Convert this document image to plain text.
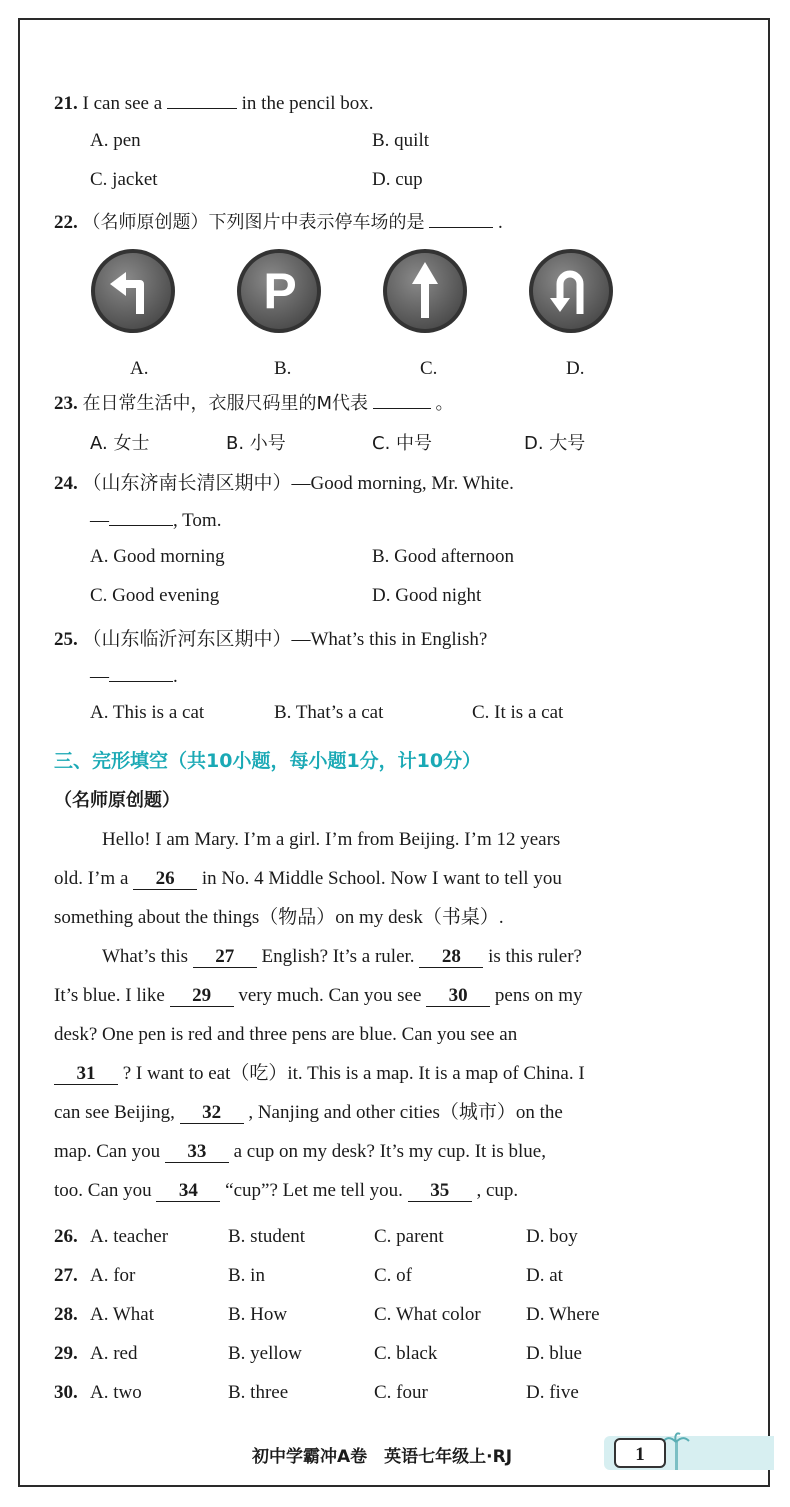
21. I can see a	in the pencil box.
A. pen	B. quilt
C. jacket	D. cup
22. （名师原创题）下列图片中表示停车场的是	.
P
A.	B.	C.	D.
23. 在日常生活中，衣服尺码里的M代表	。
A. 女士	B. 小号	C. 中号	D. 大号
24. （山东济南长清区期中）—Good morning, Mr. White.
—	, Tom.
A. Good morning	B. Good afternoon
C. Good evening	D. Good night
25. （山东临沂河东区期中）—What’s this in English?
—	.
A. This is a cat	B. That’s a cat	C. It is a cat
三、完形填空（共10小题，每小题1分，计10分）
（名师原创题）
Hello! I am Mary. I’m a girl. I’m from Beijing. I’m 12 years
old. I’m a 26 in No. 4 Middle School. Now I want to tell you
something about the things（物品）on my desk（书桌）.
What’s this 27 English? It’s a ruler. 28 is this ruler?
It’s blue. I like 29 very much. Can you see 30 pens on my
desk? One pen is red and three pens are blue. Can you see an
31 ? I want to eat（吃）it. This is a map. It is a map of China. I
can see Beijing, 32 , Nanjing and other cities（城市）on the
map. Can you 33 a cup on my desk? It’s my cup. It is blue,
too. Can you 34 “cup”? Let me tell you. 35 , cup.
26. A. teacher	B. student	C. parent	D. boy
27. A. for	B. in	C. of	D. at
28. A. What	B. How	C. What color D. Where
29. A. red	B. yellow	C. black	D. blue
30. A. two	B. three	C. four	D. five
初中学霸冲A卷　英语七年级上·RJ	1
